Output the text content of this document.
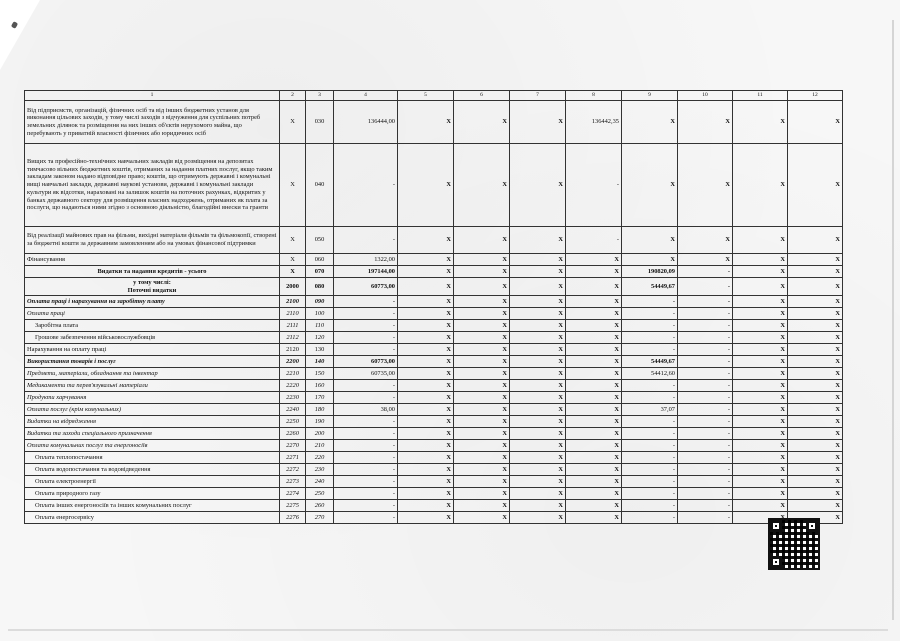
1	2	3	4	5	6	7	8	9	10	11	12
Від підприємств, організацій, фізичних осіб та від інших бюджетних установ для виконання цільових заходів, у тому числі заходів з відчуження для суспільних потреб земельних ділянок та розміщення на них інших об'єктів нерухомого майна, що перебувають у приватній власності фізичних або юридичних осіб	X	030	136444,00	X	X	X	136442,35	X	X	X	X
Вищих та професійно-технічних навчальних закладів від розміщення на депозитах тимчасово вільних бюджетних коштів, отриманих за надання платних послуг, якщо таким закладам законом надано відповідне право; коштів, що отримують державні і комунальні вищі навчальні заклади, державні наукові установи, державні і комунальні заклади культури як відсотки, нараховані на залишок коштів на поточних рахунках, відкритих у банках державного сектору для розміщення власних надходжень, отриманих як плата за послуги, що надаються ними згідно з основною діяльністю, благодійні внески та гранти	X	040	-	X	X	X	-	X	X	X	X
Від реалізації майнових прав на фільми, вихідні матеріали фільмів та фільмокопії, створені за бюджетні кошти за державним замовленням або на умовах фінансової підтримки	X	050	-	X	X	X	-	X	X	X	X
Фінансування	X	060	1322,00	X	X	X	X	X	X	X	X
Видатки та надання кредитів - усього	X	070	197144,00	X	X	X	X	190820,09	-	X	X
у тому числі:
Поточні видатки	2000	080	60773,00	X	X	X	X	54449,67	-	X	X
Оплата праці і нарахування на заробітну плату	2100	090	-	X	X	X	X	-	-	X	X
Оплата праці	2110	100	-	X	X	X	X	-	-	X	X
Заробітна плата	2111	110	-	X	X	X	X	-	-	X	X
Грошове забезпечення військовослужбовців	2112	120	-	X	X	X	X	-	-	X	X
Нарахування на оплату праці	2120	130	-	X	X	X	X	-	-	X	X
Використання товарів і послуг	2200	140	60773,00	X	X	X	X	54449,67	-	X	X
Предмети, матеріали, обладнання та інвентар	2210	150	60735,00	X	X	X	X	54412,60	-	X	X
Медикаменти та перев'язувальні матеріали	2220	160	-	X	X	X	X	-	-	X	X
Продукти харчування	2230	170	-	X	X	X	X	-	-	X	X
Оплата послуг (крім комунальних)	2240	180	38,00	X	X	X	X	37,07	-	X	X
Видатки на відрядження	2250	190	-	X	X	X	X	-	-	X	X
Видатки та заходи спеціального призначення	2260	200	-	X	X	X	X	-	-	X	X
Оплата комунальних послуг та енергоносіїв	2270	210	-	X	X	X	X	-	-	X	X
Оплата теплопостачання	2271	220	-	X	X	X	X	-	-	X	X
Оплата водопостачання та водовідведення	2272	230	-	X	X	X	X	-	-	X	X
Оплата електроенергії	2273	240	-	X	X	X	X	-	-	X	X
Оплата природного газу	2274	250	-	X	X	X	X	-	-	X	X
Оплата інших енергоносіїв та інших комунальних послуг	2275	260	-	X	X	X	X	-	-	X	X
Оплата енергосервісу	2276	270	-	X	X	X	X	-	-		X
